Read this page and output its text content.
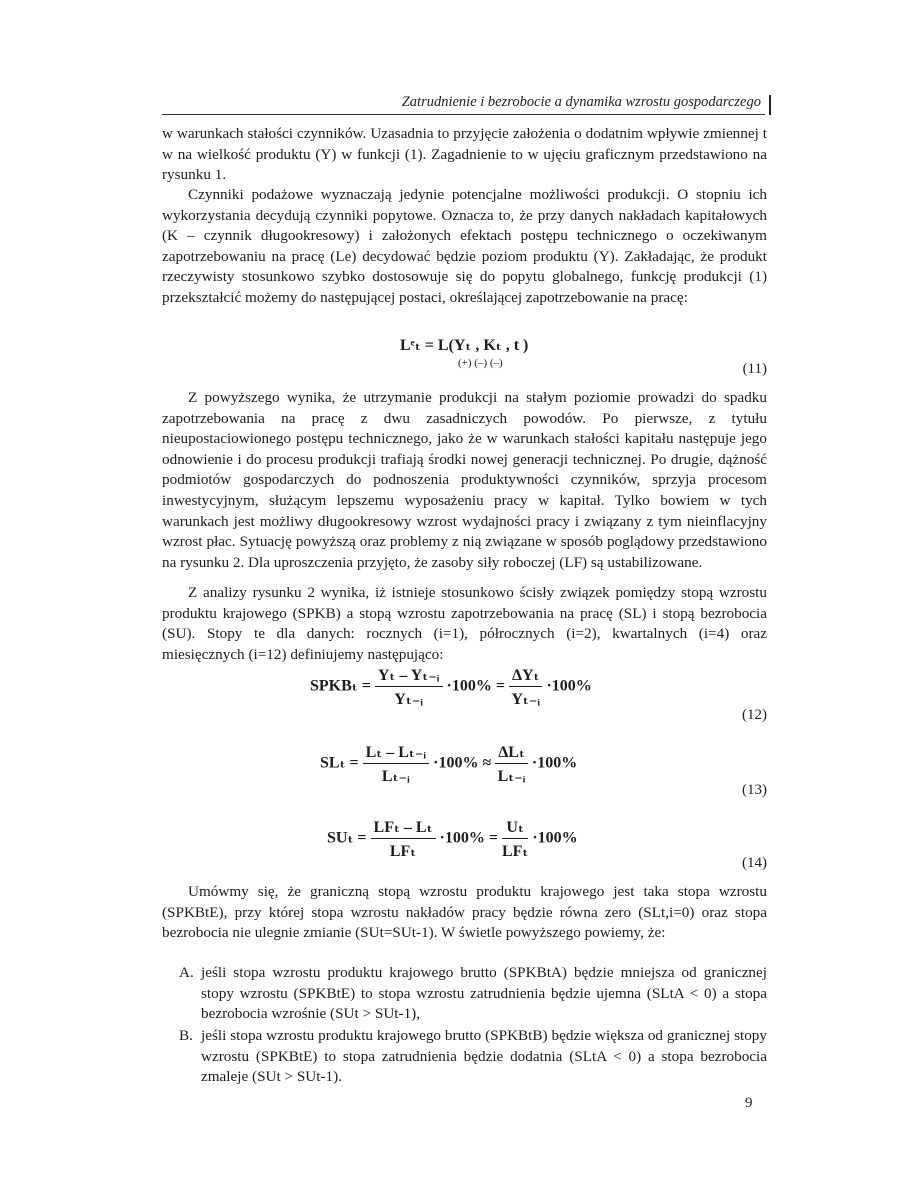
Zatrudnienie i bezrobocie a dynamika wzrostu gospodarczego

w warunkach stałości czynników. Uzasadnia to przyjęcie założenia o dodatnim wpływie zmiennej t w na wielkość produktu (Y) w funkcji (1). Zagadnienie to w ujęciu graficznym przedstawiono na rysunku 1.

Czynniki podażowe wyznaczają jedynie potencjalne możliwości produkcji. O stopniu ich wykorzystania decydują czynniki popytowe. Oznacza to, że przy danych nakładach kapitałowych (K – czynnik długookresowy) i założonych efektach postępu technicznego o oczekiwanym zapotrzebowaniu na pracę (Le) decydować będzie poziom produktu (Y). Zakładając, że produkt rzeczywisty stosunkowo szybko dostosowuje się do popytu globalnego, funkcję produkcji (1) przekształcić możemy do następującej postaci, określającej zapotrzebowanie na pracę:

Lᵉₜ = L(Yₜ , Kₜ , t )
(+) (–) (–)	(11)

Z powyższego wynika, że utrzymanie produkcji na stałym poziomie prowadzi do spadku zapotrzebowania na pracę z dwu zasadniczych powodów. Po pierwsze, z tytułu nieupostaciowionego postępu technicznego, jako że w warunkach stałości kapitału następuje jego odnowienie i do procesu produkcji trafiają środki nowej generacji technicznej. Po drugie, dążność podmiotów gospodarczych do podnoszenia produktywności czynników, sprzyja procesom inwestycyjnym, służącym lepszemu wyposażeniu pracy w kapitał. Tylko bowiem w tych warunkach jest możliwy długookresowy wzrost wydajności pracy i związany z tym nieinflacyjny wzrost płac. Sytuację powyższą oraz problemy z nią związane w sposób poglądowy przedstawiono na rysunku 2. Dla uproszczenia przyjęto, że zasoby siły roboczej (LF) są ustabilizowane.

Z analizy rysunku 2 wynika, iż istnieje stosunkowo ścisły związek pomiędzy stopą wzrostu produktu krajowego (SPKB) a stopą wzrostu zapotrzebowania na pracę (SL) i stopą bezrobocia (SU). Stopy te dla danych: rocznych (i=1), półrocznych (i=2), kwartalnych (i=4) oraz miesięcznych (i=12) definiujemy następująco:

SPKBₜ = $\frac{\text{Yₜ – Yₜ₋ᵢ}}{\text{Yₜ₋ᵢ}} \cdot 100\% = \frac{\text{ΔYₜ}}{\text{Yₜ₋ᵢ}} \cdot 100\%$
(12)
$SL_t = \frac{\text{Lₜ – Lₜ₋ᵢ}}{\text{Lₜ₋ᵢ}} \cdot 100\% \approx \frac{\text{ΔLₜ}}{\text{Lₜ₋ᵢ}} \cdot 100\%$
(13)
$SU_t = \frac{\text{LFₜ – Lₜ}}{\text{LFₜ}} \cdot 100\% = \frac{\text{Uₜ}}{\text{LFₜ}} \cdot 100\%$
(14)

Umówmy się, że graniczną stopą wzrostu produktu krajowego jest taka stopa wzrostu (SPKBtE), przy której stopa wzrostu nakładów pracy będzie równa zero (SLt,i=0) oraz stopa bezrobocia nie ulegnie zmianie (SUt=SUt-1). W świetle powyższego powiemy, że:

A. jeśli stopa wzrostu produktu krajowego brutto (SPKBtA) będzie mniejsza od granicznej stopy wzrostu (SPKBtE) to stopa wzrostu zatrudnienia będzie ujemna (SLtA < 0) a stopa bezrobocia wzrośnie (SUt > SUt-1),
B. jeśli stopa wzrostu produktu krajowego brutto (SPKBtB) będzie większa od granicznej stopy wzrostu (SPKBtE) to stopa zatrudnienia będzie dodatnia (SLtA < 0) a stopa bezrobocia zmaleje (SUt > SUt-1).
9
